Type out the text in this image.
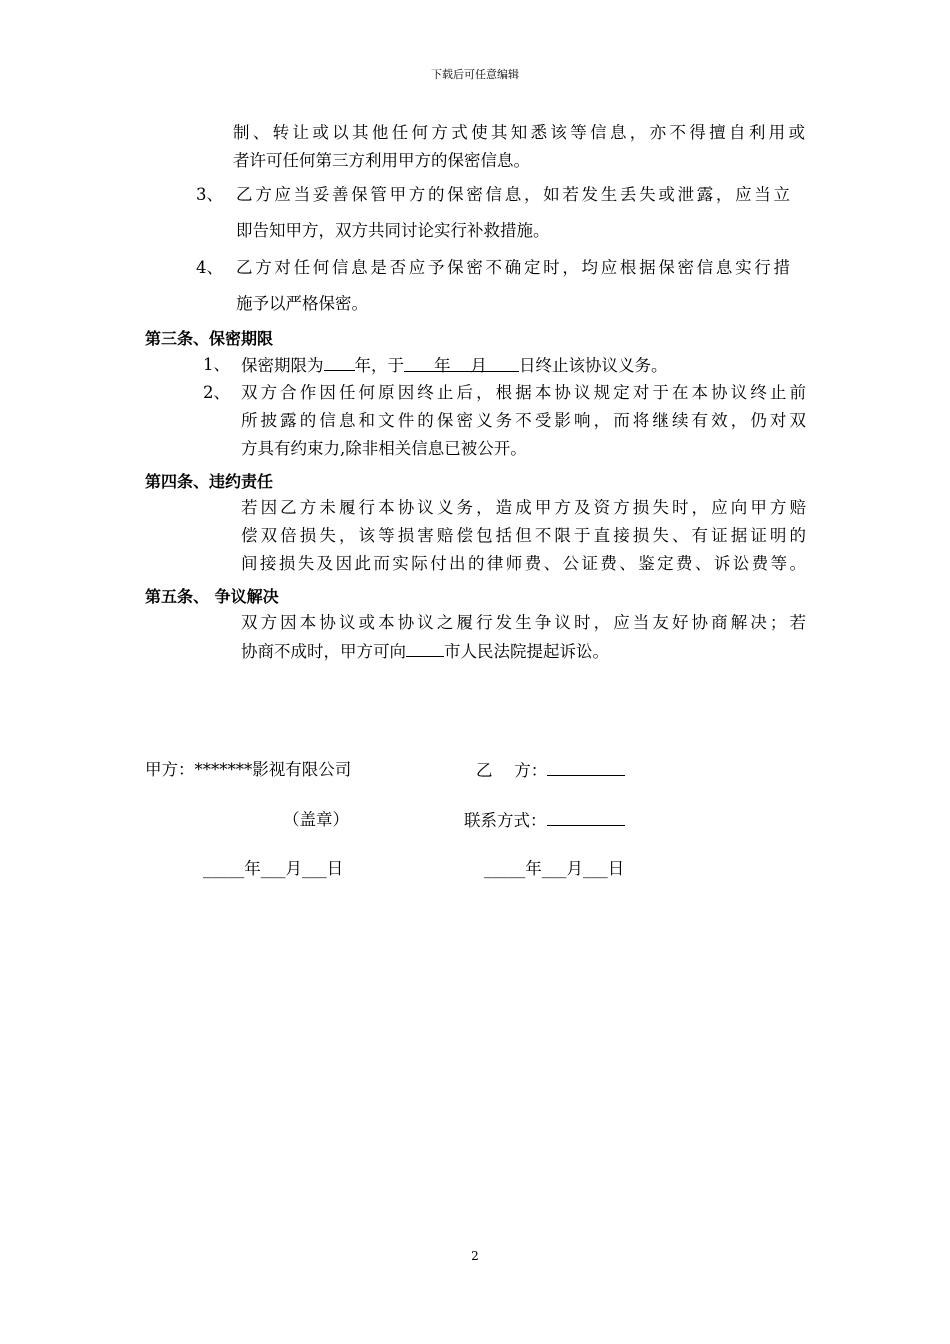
下载后可任意编辑
制、转让或以其他任何方式使其知悉该等信息，亦不得擅自利用或
者许可任何第三方利用甲方的保密信息。
3、 乙方应当妥善保管甲方的保密信息，如若发生丢失或泄露，应当立
即告知甲方，双方共同讨论实行补救措施。
4、 乙方对任何信息是否应予保密不确定时，均应根据保密信息实行措
施予以严格保密。
第三条、保密期限
1、 保密期限为 年，于 年 月 日终止该协议义务。
2、 双方合作因任何原因终止后，根据本协议规定对于在本协议终止前
所披露的信息和文件的保密义务不受影响，而将继续有效，仍对双
方具有约束力,除非相关信息已被公开。
第四条、违约责任
若因乙方未履行本协议义务，造成甲方及资方损失时，应向甲方赔
偿双倍损失，该等损害赔偿包括但不限于直接损失、有证据证明的
间接损失及因此而实际付出的律师费、公证费、鉴定费、诉讼费等。
第五条、 争议解决
双方因本协议或本协议之履行发生争议时，应当友好协商解决；若
协商不成时，甲方可向 市人民法院提起诉讼。
甲方：*******影视有限公司	乙　 方：
（盖章）	联系方式：
_____年___月___日	_____年___月___日
2
